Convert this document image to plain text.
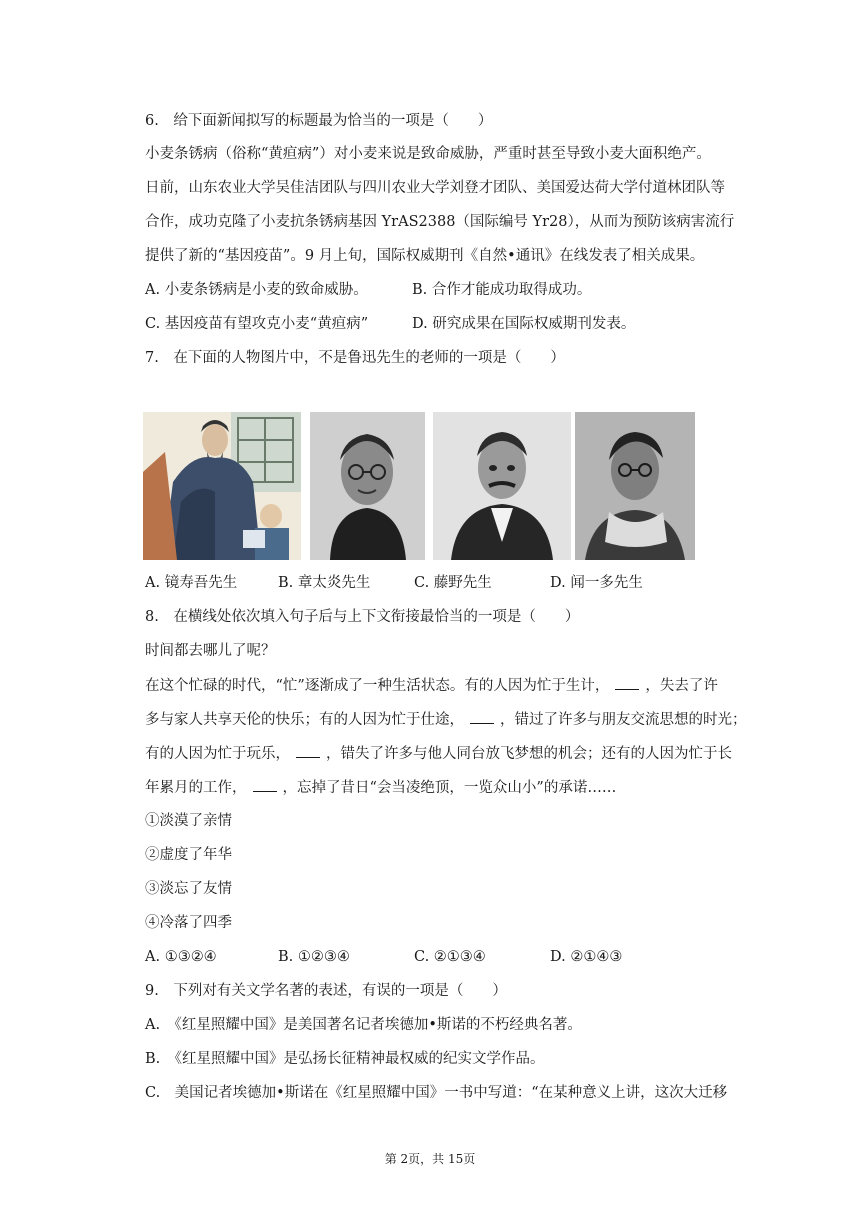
6.　给下面新闻拟写的标题最为恰当的一项是（　　）
小麦条锈病（俗称“黄疸病”）对小麦来说是致命威胁，严重时甚至导致小麦大面积绝产。
日前，山东农业大学吴佳洁团队与四川农业大学刘登才团队、美国爱达荷大学付道林团队等
合作，成功克隆了小麦抗条锈病基因 YrAS2388（国际编号 Yr28），从而为预防该病害流行
提供了新的“基因疫苗”。9 月上旬，国际权威期刊《自然•通讯》在线发表了相关成果。
A. 小麦条锈病是小麦的致命威胁。	B. 合作才能成功取得成功。
C. 基因疫苗有望攻克小麦“黄疸病”	D. 研究成果在国际权威期刊发表。
7.　在下面的人物图片中，不是鲁迅先生的老师的一项是（　　）
A. 镜寿吾先生	B. 章太炎先生	C. 藤野先生	D. 闻一多先生
8.　在横线处依次填入句子后与上下文衔接最恰当的一项是（　　）
时间都去哪儿了呢？
在这个忙碌的时代，“忙”逐渐成了一种生活状态。有的人因为忙于生计， ，失去了许
多与家人共享天伦的快乐；有的人因为忙于仕途， ，错过了许多与朋友交流思想的时光；
有的人因为忙于玩乐， ，错失了许多与他人同台放飞梦想的机会；还有的人因为忙于长
年累月的工作， ，忘掉了昔日“会当凌绝顶，一览众山小”的承诺……
①淡漠了亲情
②虚度了年华
③淡忘了友情
④冷落了四季
A. ①③②④	B. ①②③④	C. ②①③④	D. ②①④③
9.　下列对有关文学名著的表述，有误的一项是（　　）
A.　《红星照耀中国》是美国著名记者埃德加•斯诺的不朽经典名著。
B.　《红星照耀中国》是弘扬长征精神最权威的纪实文学作品。
C.　美国记者埃德加•斯诺在《红星照耀中国》一书中写道：“在某种意义上讲，这次大迁移
第 2页，共 15页
